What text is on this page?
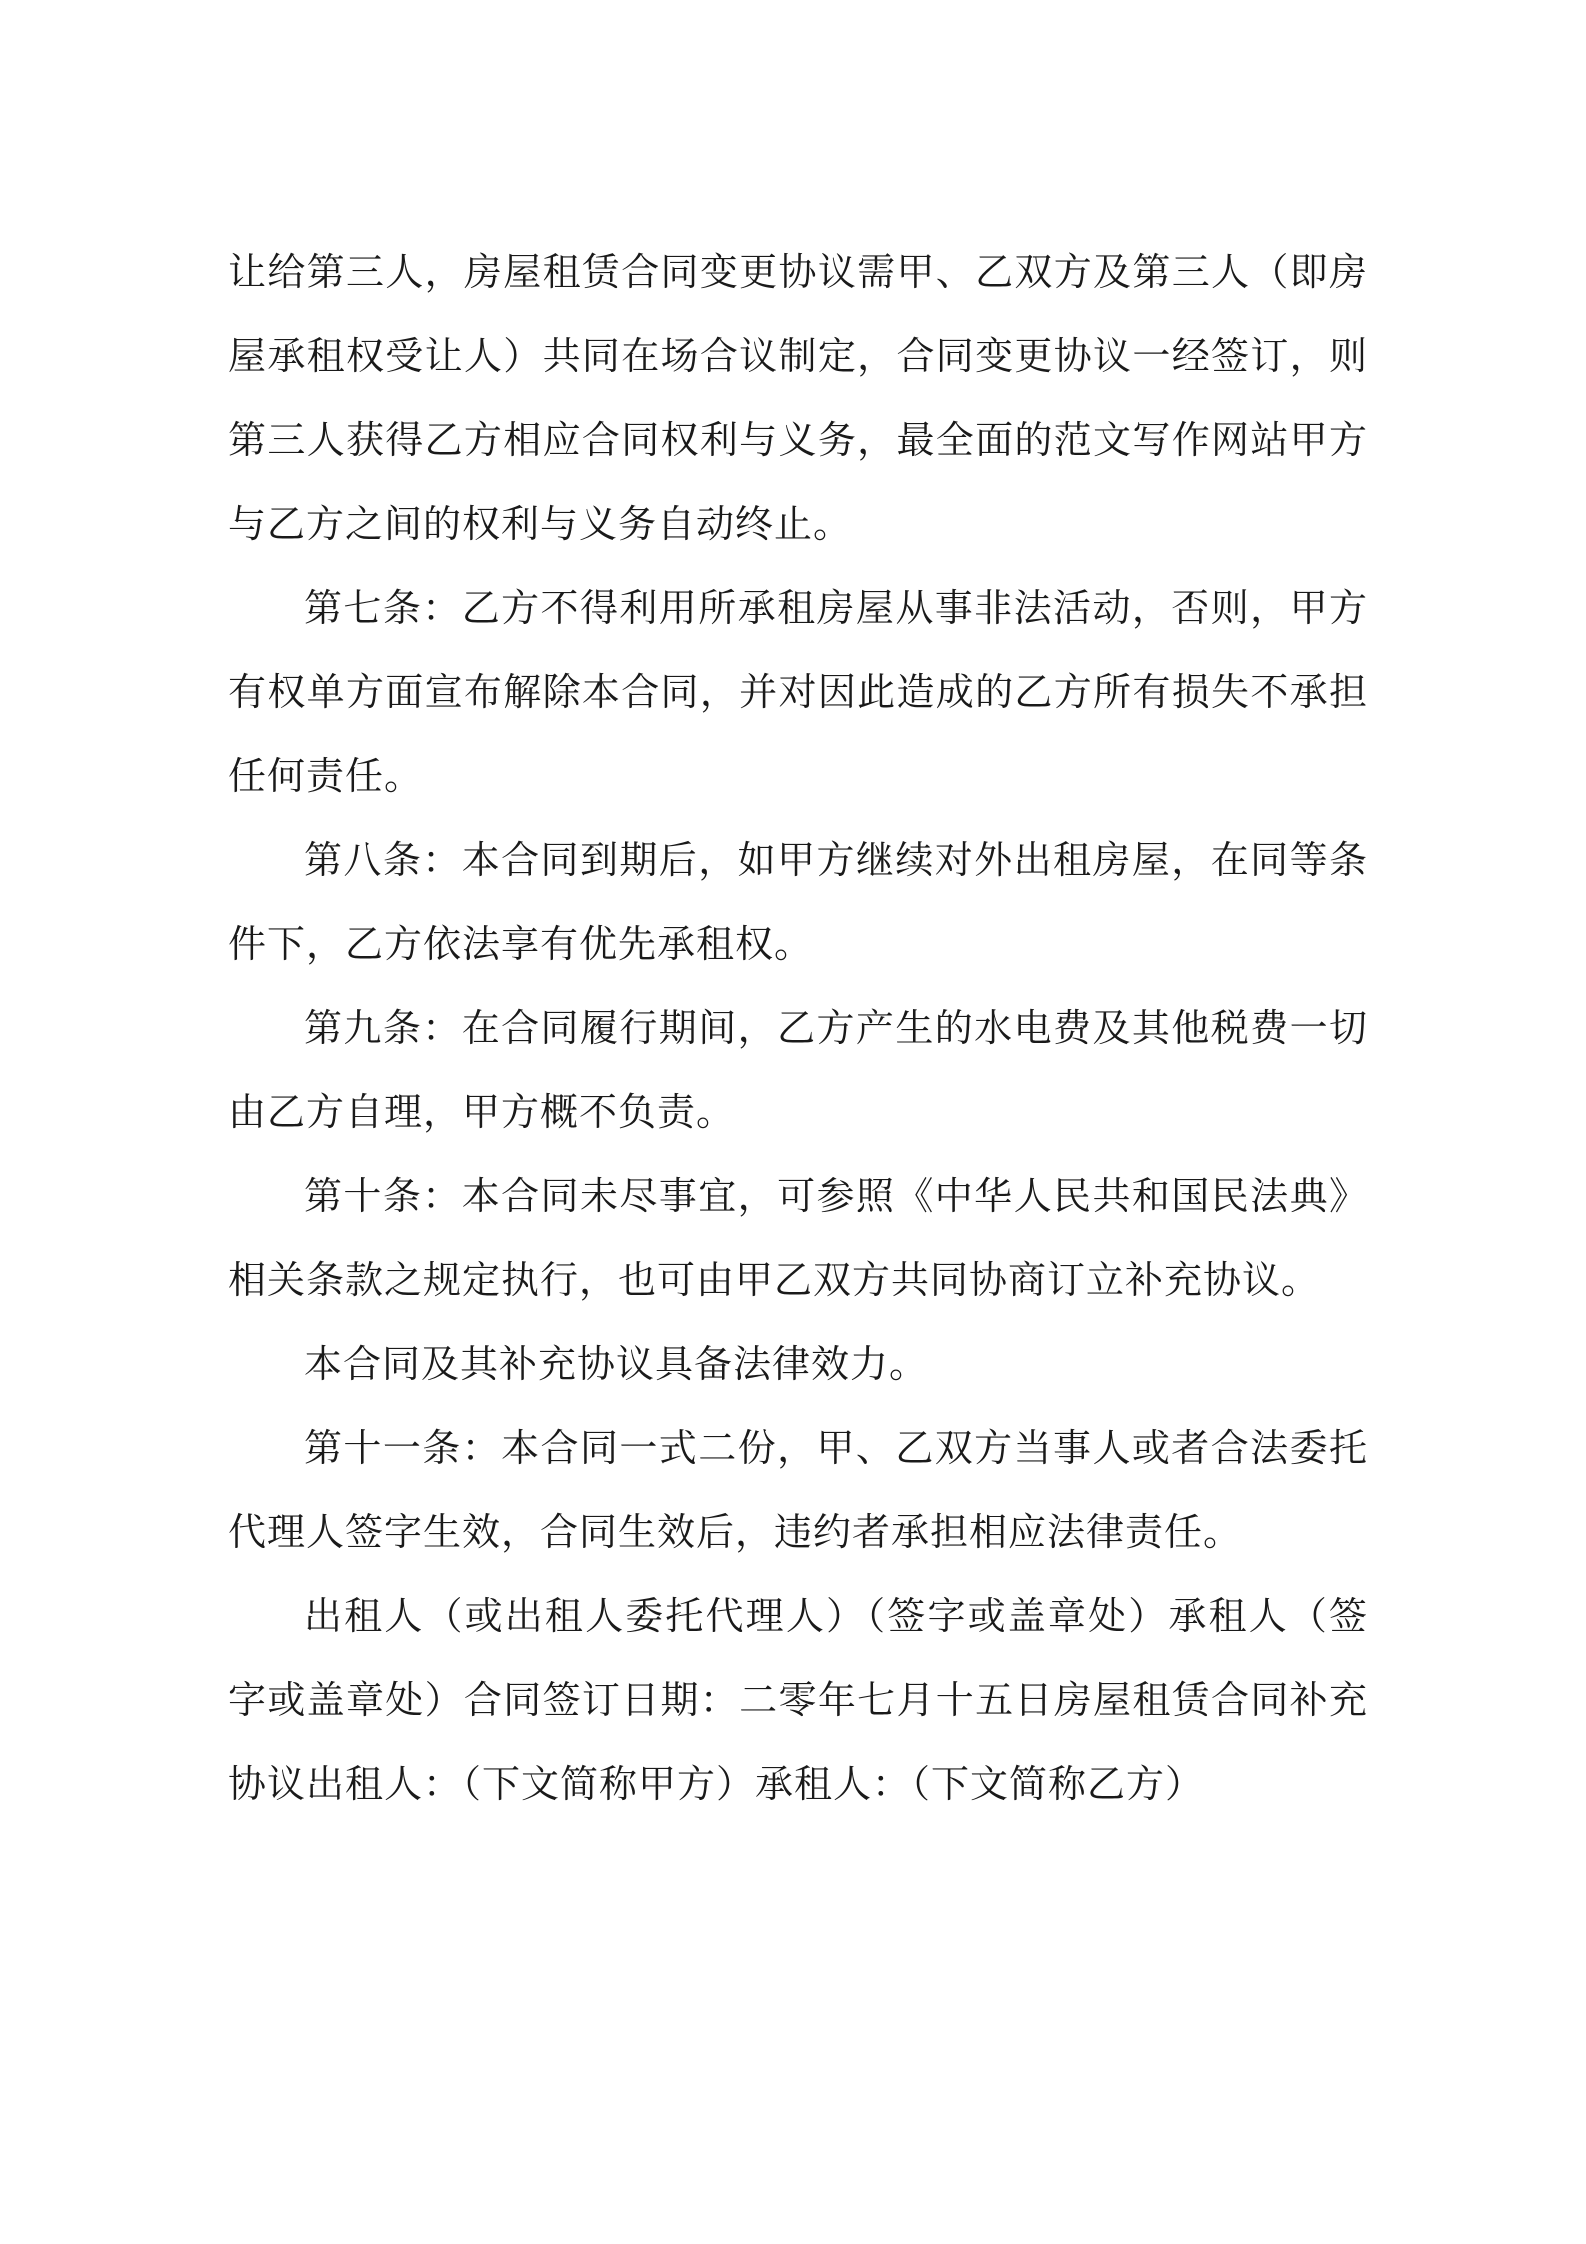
让给第三人，房屋租赁合同变更协议需甲、乙双方及第三人（即房屋承租权受让人）共同在场合议制定，合同变更协议一经签订，则第三人获得乙方相应合同权利与义务，最全面的范文写作网站甲方与乙方之间的权利与义务自动终止。

第七条：乙方不得利用所承租房屋从事非法活动，否则，甲方有权单方面宣布解除本合同，并对因此造成的乙方所有损失不承担任何责任。

第八条：本合同到期后，如甲方继续对外出租房屋，在同等条件下，乙方依法享有优先承租权。

第九条：在合同履行期间，乙方产生的水电费及其他税费一切由乙方自理，甲方概不负责。

第十条：本合同未尽事宜，可参照《中华人民共和国民法典》相关条款之规定执行，也可由甲乙双方共同协商订立补充协议。

本合同及其补充协议具备法律效力。

第十一条：本合同一式二份，甲、乙双方当事人或者合法委托代理人签字生效，合同生效后，违约者承担相应法律责任。

出租人（或出租人委托代理人）（签字或盖章处）承租人（签字或盖章处）合同签订日期：二零年七月十五日房屋租赁合同补充协议出租人：（下文简称甲方）承租人：（下文简称乙方）
